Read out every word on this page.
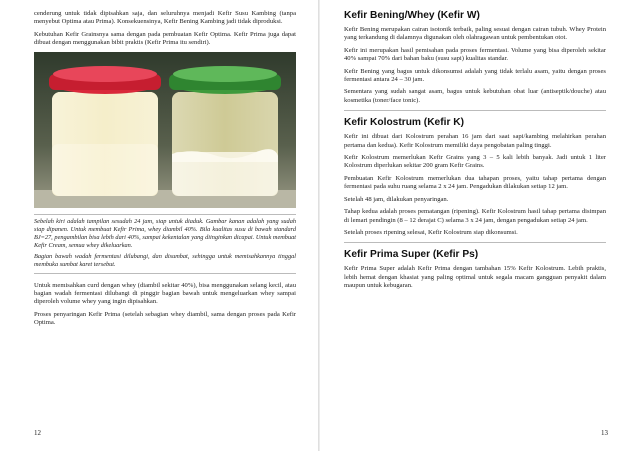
cenderung untuk tidak dipisahkan saja, dan seluruhnya menjadi Kefir Susu Kambing (tanpa menyebut Optima atau Prima). Konsekuensinya, Kefir Bening Kambing jadi tidak diproduksi.

Kebutuhan Kefir Grainsnya sama dengan pada pembuatan Kefir Optima. Kefir Prima juga dapat dibuat dengan menggunakan bibit praktis (Kefir Prima itu sendiri).

Sebelah kiri adalah tampilan sesudah 24 jam, siap untuk diaduk. Gambar kanan adalah yang sudah siap dipanen. Untuk membuat Kefir Prima, whey diambil 40%. Bila kualitas susu di bawah standard BJ=27, pengambilan bisa lebih dari 40%, sampai kekentalan yang diinginkan dicapai. Untuk membuat Kefir Cream, semua whey dikeluarkan.

Bagian bawah wadah fermentasi dilubangi, dan disumbat, sehingga untuk memisahkannya tinggal membuka sumbat karet tersebut.

Untuk memisahkan curd dengan whey (diambil sekitar 40%), bisa menggunakan selang kecil, atau bagian wadah fermentasi dilubangi di pinggir bagian bawah untuk mengeluarkan whey sampai diperoleh volume whey yang ingin dipisahkan.

Proses penyaringan Kefir Prima (setelah sebagian whey diambil, sama dengan proses pada Kefir Optima.

12
Kefir Bening/Whey (Kefir W)

Kefir Bening merupakan cairan isotonik terbaik, paling sesuai dengan cairan tubuh. Whey Protein yang terkandung di dalamnya digunakan oleh olahragawan untuk pembentukan otot.

Kefir ini merupakan hasil pemisahan pada proses fermentasi. Volume yang bisa diperoleh sekitar 40% sampai 70% dari bahan baku (susu sapi) kualitas standar.

Kefir Bening yang bagus untuk dikonsumsi adalah yang tidak terlalu asam, yaitu dengan proses fermentasi antara 24 – 30 jam.

Sementara yang sudah sangat asam, bagus untuk kebutuhan obat luar (antiseptik/douche) atau kosmetika (toner/face tonic).

Kefir Kolostrum (Kefir K)

Kefir ini dibuat dari Kolostrum perahan 16 jam dari saat sapi/kambing melahirkan perahan pertama dan kedua). Kefir Kolostrum memiliki daya pengobatan paling tinggi.

Kefir Kolostrum memerlukan Kefir Grains yang 3 – 5 kali lebih banyak. Jadi untuk 1 liter Kolostrum diperlukan sekitar 200 gram Kefir Grains.

Pembuatan Kefir Kolostrum memerlukan dua tahapan proses, yaitu tahap pertama dengan fermentasi pada suhu ruang selama 2 x 24 jam. Pengadukan dilakukan setiap 12 jam.

Setelah 48 jam, dilakukan penyaringan.

Tahap kedua adalah proses pematangan (ripening). Kefir Kolostrum hasil tahap pertama disimpan di lemari pendingin (8 – 12 derajat C) selama 3 x 24 jam, dengan pengadukan setiap 24 jam.

Setelah proses ripening selesai, Kefir Kolostrum siap dikonsumsi.

Kefir Prima Super (Kefir Ps)

Kefir Prima Super adalah Kefir Prima dengan tambahan 15% Kefir Kolostrum. Lebih praktis, lebih hemat dengan khasiat yang paling optimal untuk segala macam gangguan penyakit dalam maupun untuk kebugaran.

13
